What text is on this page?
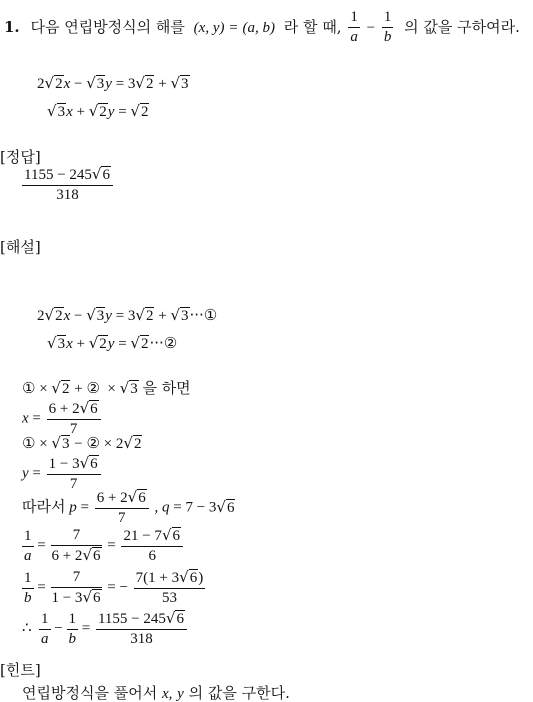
1. 다음 연립방정식의 해를 (x, y) = (a, b) 라 할 때, $\frac{1}{a} - \frac{1}{b}$ 의 값을 구하여라.
2√2x − √3y = 3√2 + √3
√3x + √2y = √2
[정답]
$\frac{1155 - 245√6}{318}$
[해설]
2√2x − √3y = 3√2 + √3···①
√3x + √2y = √2···②
① × √2 + ② × √3 을 하면
$x = \frac{6 + 2√6}{7}$
① × √3 − ② × 2√2
$y = \frac{1 - 3√6}{7}$
따라서 $p = \frac{6 + 2√6}{7}$ , q = 7 − 3√6
$\frac{1}{a} = \frac{7}{6 + 2√6} = \frac{21 - 7√6}{6}$
$\frac{1}{b} = \frac{7}{1 - 3√6}$ = − $\frac{7(1 + 3√6)}{53}$
∴ $\frac{1}{a} - \frac{1}{b} = \frac{1155 - 245√6}{318}$
[힌트]
연립방정식을 풀어서 x, y 의 값을 구한다.
